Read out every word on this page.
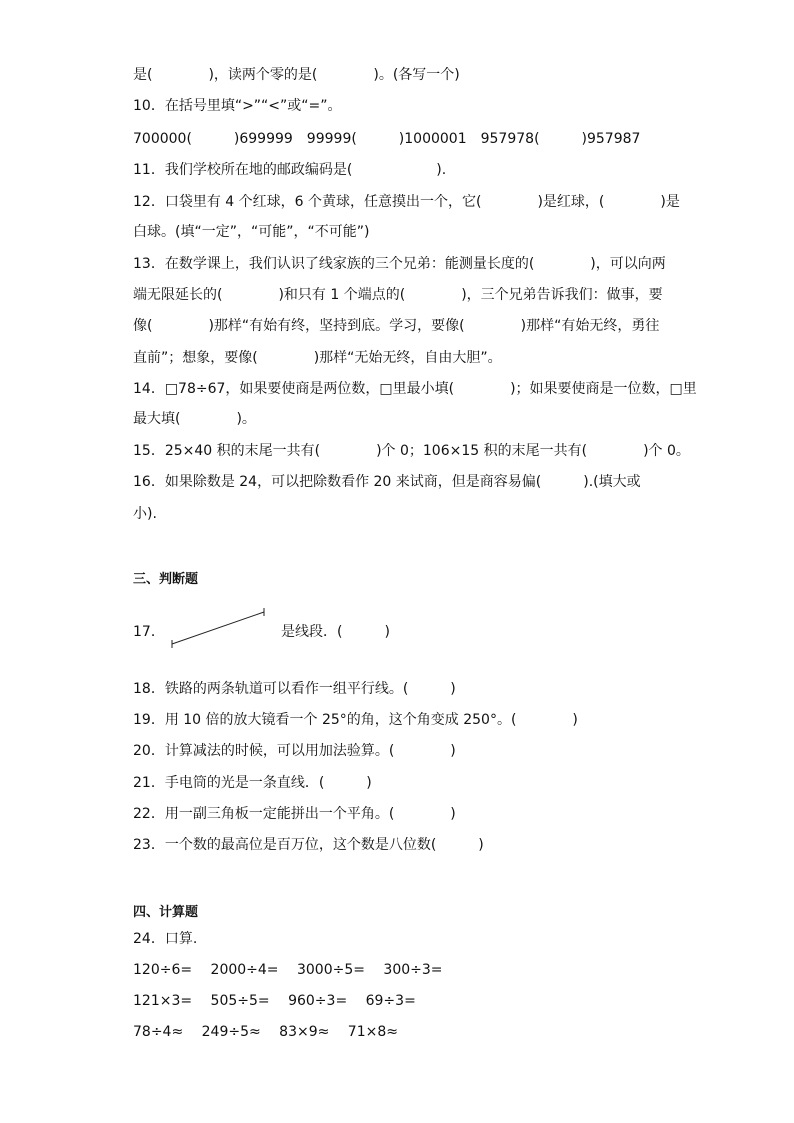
是(　　　　)，读两个零的是(　　　　)。(各写一个)
10．在括号里填“>”“<”或“=”。
700000(　　　)699999　99999(　　　)1000001　957978(　　　)957987
11．我们学校所在地的邮政编码是(　　　　　　).
12．口袋里有 4 个红球，6 个黄球，任意摸出一个，它(　　　　)是红球，(　　　　)是
白球。(填“一定”，“可能”，“不可能”)
13．在数学课上，我们认识了线家族的三个兄弟：能测量长度的(　　　　)，可以向两
端无限延长的(　　　　)和只有 1 个端点的(　　　　)，三个兄弟告诉我们：做事，要
像(　　　　)那样“有始有终，坚持到底。学习，要像(　　　　)那样“有始无终，勇往
直前”；想象，要像(　　　　)那样“无始无终，自由大胆”。
14．□78÷67，如果要使商是两位数，□里最小填(　　　　)；如果要使商是一位数，□里
最大填(　　　　)。
15．25×40 积的末尾一共有(　　　　)个 0；106×15 积的末尾一共有(　　　　)个 0。
16．如果除数是 24，可以把除数看作 20 来试商，但是商容易偏(　　　).(填大或
小).
三、判断题
17．	是线段．(　　　)
18．铁路的两条轨道可以看作一组平行线。(　　　)
19．用 10 倍的放大镜看一个 25°的角，这个角变成 250°。(　　　　)
20．计算减法的时候，可以用加法验算。(　　　　)
21．手电筒的光是一条直线．(　　　)
22．用一副三角板一定能拼出一个平角。(　　　　)
23．一个数的最高位是百万位，这个数是八位数(　　　)
四、计算题
24．口算.
120÷6=　 2000÷4=　 3000÷5=　 300÷3=
121×3=　 505÷5=　 960÷3=　 69÷3=
78÷4≈　 249÷5≈　 83×9≈　 71×8≈
